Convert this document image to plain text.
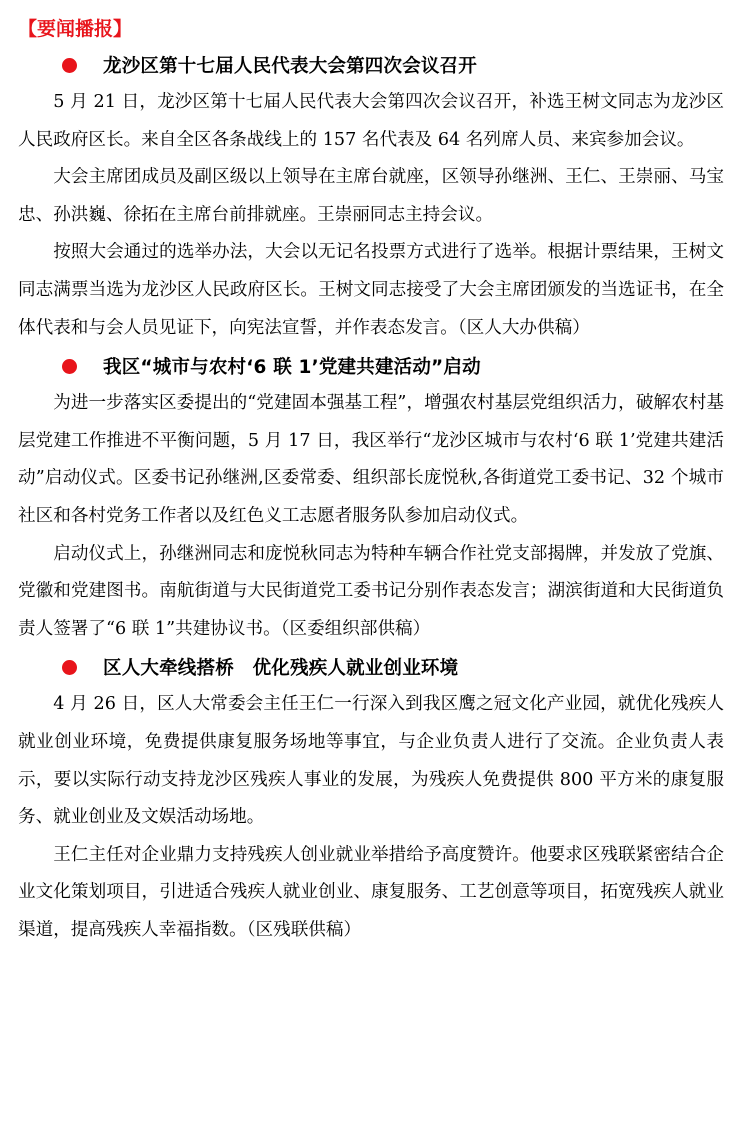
【要闻播报】
龙沙区第十七届人民代表大会第四次会议召开

5 月 21 日，龙沙区第十七届人民代表大会第四次会议召开，补选王树文同志为龙沙区人民政府区长。来自全区各条战线上的 157 名代表及 64 名列席人员、来宾参加会议。

大会主席团成员及副区级以上领导在主席台就座，区领导孙继洲、王仁、王崇丽、马宝忠、孙洪巍、徐拓在主席台前排就座。王崇丽同志主持会议。

按照大会通过的选举办法，大会以无记名投票方式进行了选举。根据计票结果，王树文同志满票当选为龙沙区人民政府区长。王树文同志接受了大会主席团颁发的当选证书，在全体代表和与会人员见证下，向宪法宣誓，并作表态发言。（区人大办供稿）

我区“城市与农村‘6 联 1’党建共建活动”启动

为进一步落实区委提出的“党建固本强基工程”，增强农村基层党组织活力，破解农村基层党建工作推进不平衡问题，5 月 17 日，我区举行“龙沙区城市与农村‘6 联 1’党建共建活动”启动仪式。区委书记孙继洲,区委常委、组织部长庞悦秋,各街道党工委书记、32 个城市社区和各村党务工作者以及红色义工志愿者服务队参加启动仪式。

启动仪式上，孙继洲同志和庞悦秋同志为特种车辆合作社党支部揭牌，并发放了党旗、党徽和党建图书。南航街道与大民街道党工委书记分别作表态发言；湖滨街道和大民街道负责人签署了“6 联 1”共建协议书。（区委组织部供稿）

区人大牵线搭桥　优化残疾人就业创业环境

4 月 26 日，区人大常委会主任王仁一行深入到我区鹰之冠文化产业园，就优化残疾人就业创业环境，免费提供康复服务场地等事宜，与企业负责人进行了交流。企业负责人表示，要以实际行动支持龙沙区残疾人事业的发展，为残疾人免费提供 800 平方米的康复服务、就业创业及文娱活动场地。

王仁主任对企业鼎力支持残疾人创业就业举措给予高度赞许。他要求区残联紧密结合企业文化策划项目，引进适合残疾人就业创业、康复服务、工艺创意等项目，拓宽残疾人就业渠道，提高残疾人幸福指数。（区残联供稿）
